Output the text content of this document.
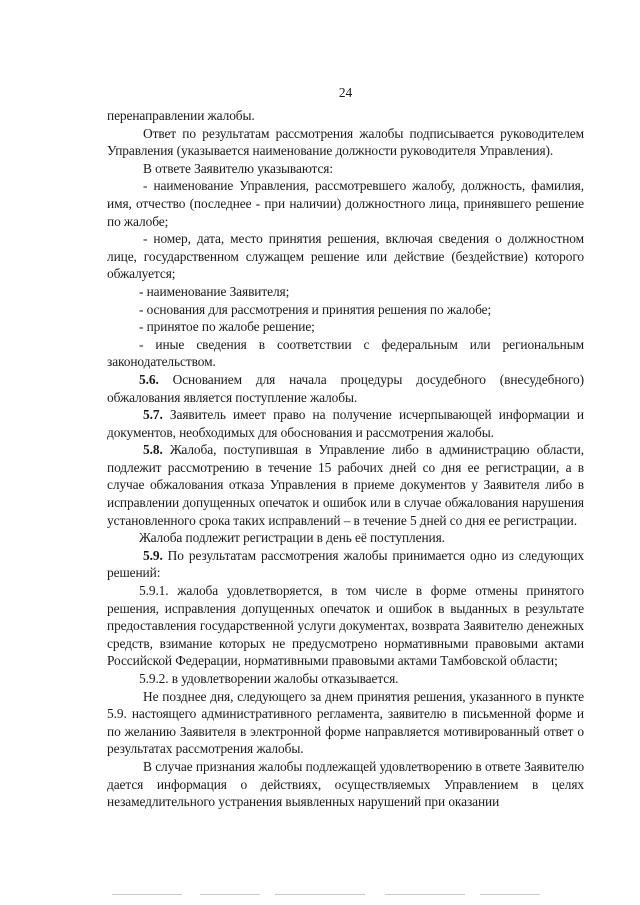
24

перенаправлении жалобы.

Ответ по результатам рассмотрения жалобы подписывается руководителем Управления (указывается наименование должности руководителя Управления).

В ответе Заявителю указываются:

- наименование Управления, рассмотревшего жалобу, должность, фамилия, имя, отчество (последнее - при наличии) должностного лица, принявшего решение по жалобе;

- номер, дата, место принятия решения, включая сведения о должностном лице, государственном служащем решение или действие (бездействие) которого обжалуется;

- наименование Заявителя;

- основания для рассмотрения и принятия решения по жалобе;

- принятое по жалобе решение;

- иные сведения в соответствии с федеральным или региональным законодательством.

5.6. Основанием для начала процедуры досудебного (внесудебного) обжалования является поступление жалобы.

5.7. Заявитель имеет право на получение исчерпывающей информации и документов, необходимых для обоснования и рассмотрения жалобы.

5.8. Жалоба, поступившая в Управление либо в администрацию области, подлежит рассмотрению в течение 15 рабочих дней со дня ее регистрации, а в случае обжалования отказа Управления в приеме документов у Заявителя либо в исправлении допущенных опечаток и ошибок или в случае обжалования нарушения установленного срока таких исправлений – в течение 5 дней со дня ее регистрации.

Жалоба подлежит регистрации в день её поступления.

5.9. По результатам рассмотрения жалобы принимается одно из следующих решений:

5.9.1. жалоба удовлетворяется, в том числе в форме отмены принятого решения, исправления допущенных опечаток и ошибок в выданных в результате предоставления государственной услуги документах, возврата Заявителю денежных средств, взимание которых не предусмотрено нормативными правовыми актами Российской Федерации, нормативными правовыми актами Тамбовской области;

5.9.2. в удовлетворении жалобы отказывается.

Не позднее дня, следующего за днем принятия решения, указанного в пункте 5.9. настоящего административного регламента, заявителю в письменной форме и по желанию Заявителя в электронной форме направляется мотивированный ответ о результатах рассмотрения жалобы.

В случае признания жалобы подлежащей удовлетворению в ответе Заявителю дается информация о действиях, осуществляемых Управлением в целях незамедлительного устранения выявленных нарушений при оказании
